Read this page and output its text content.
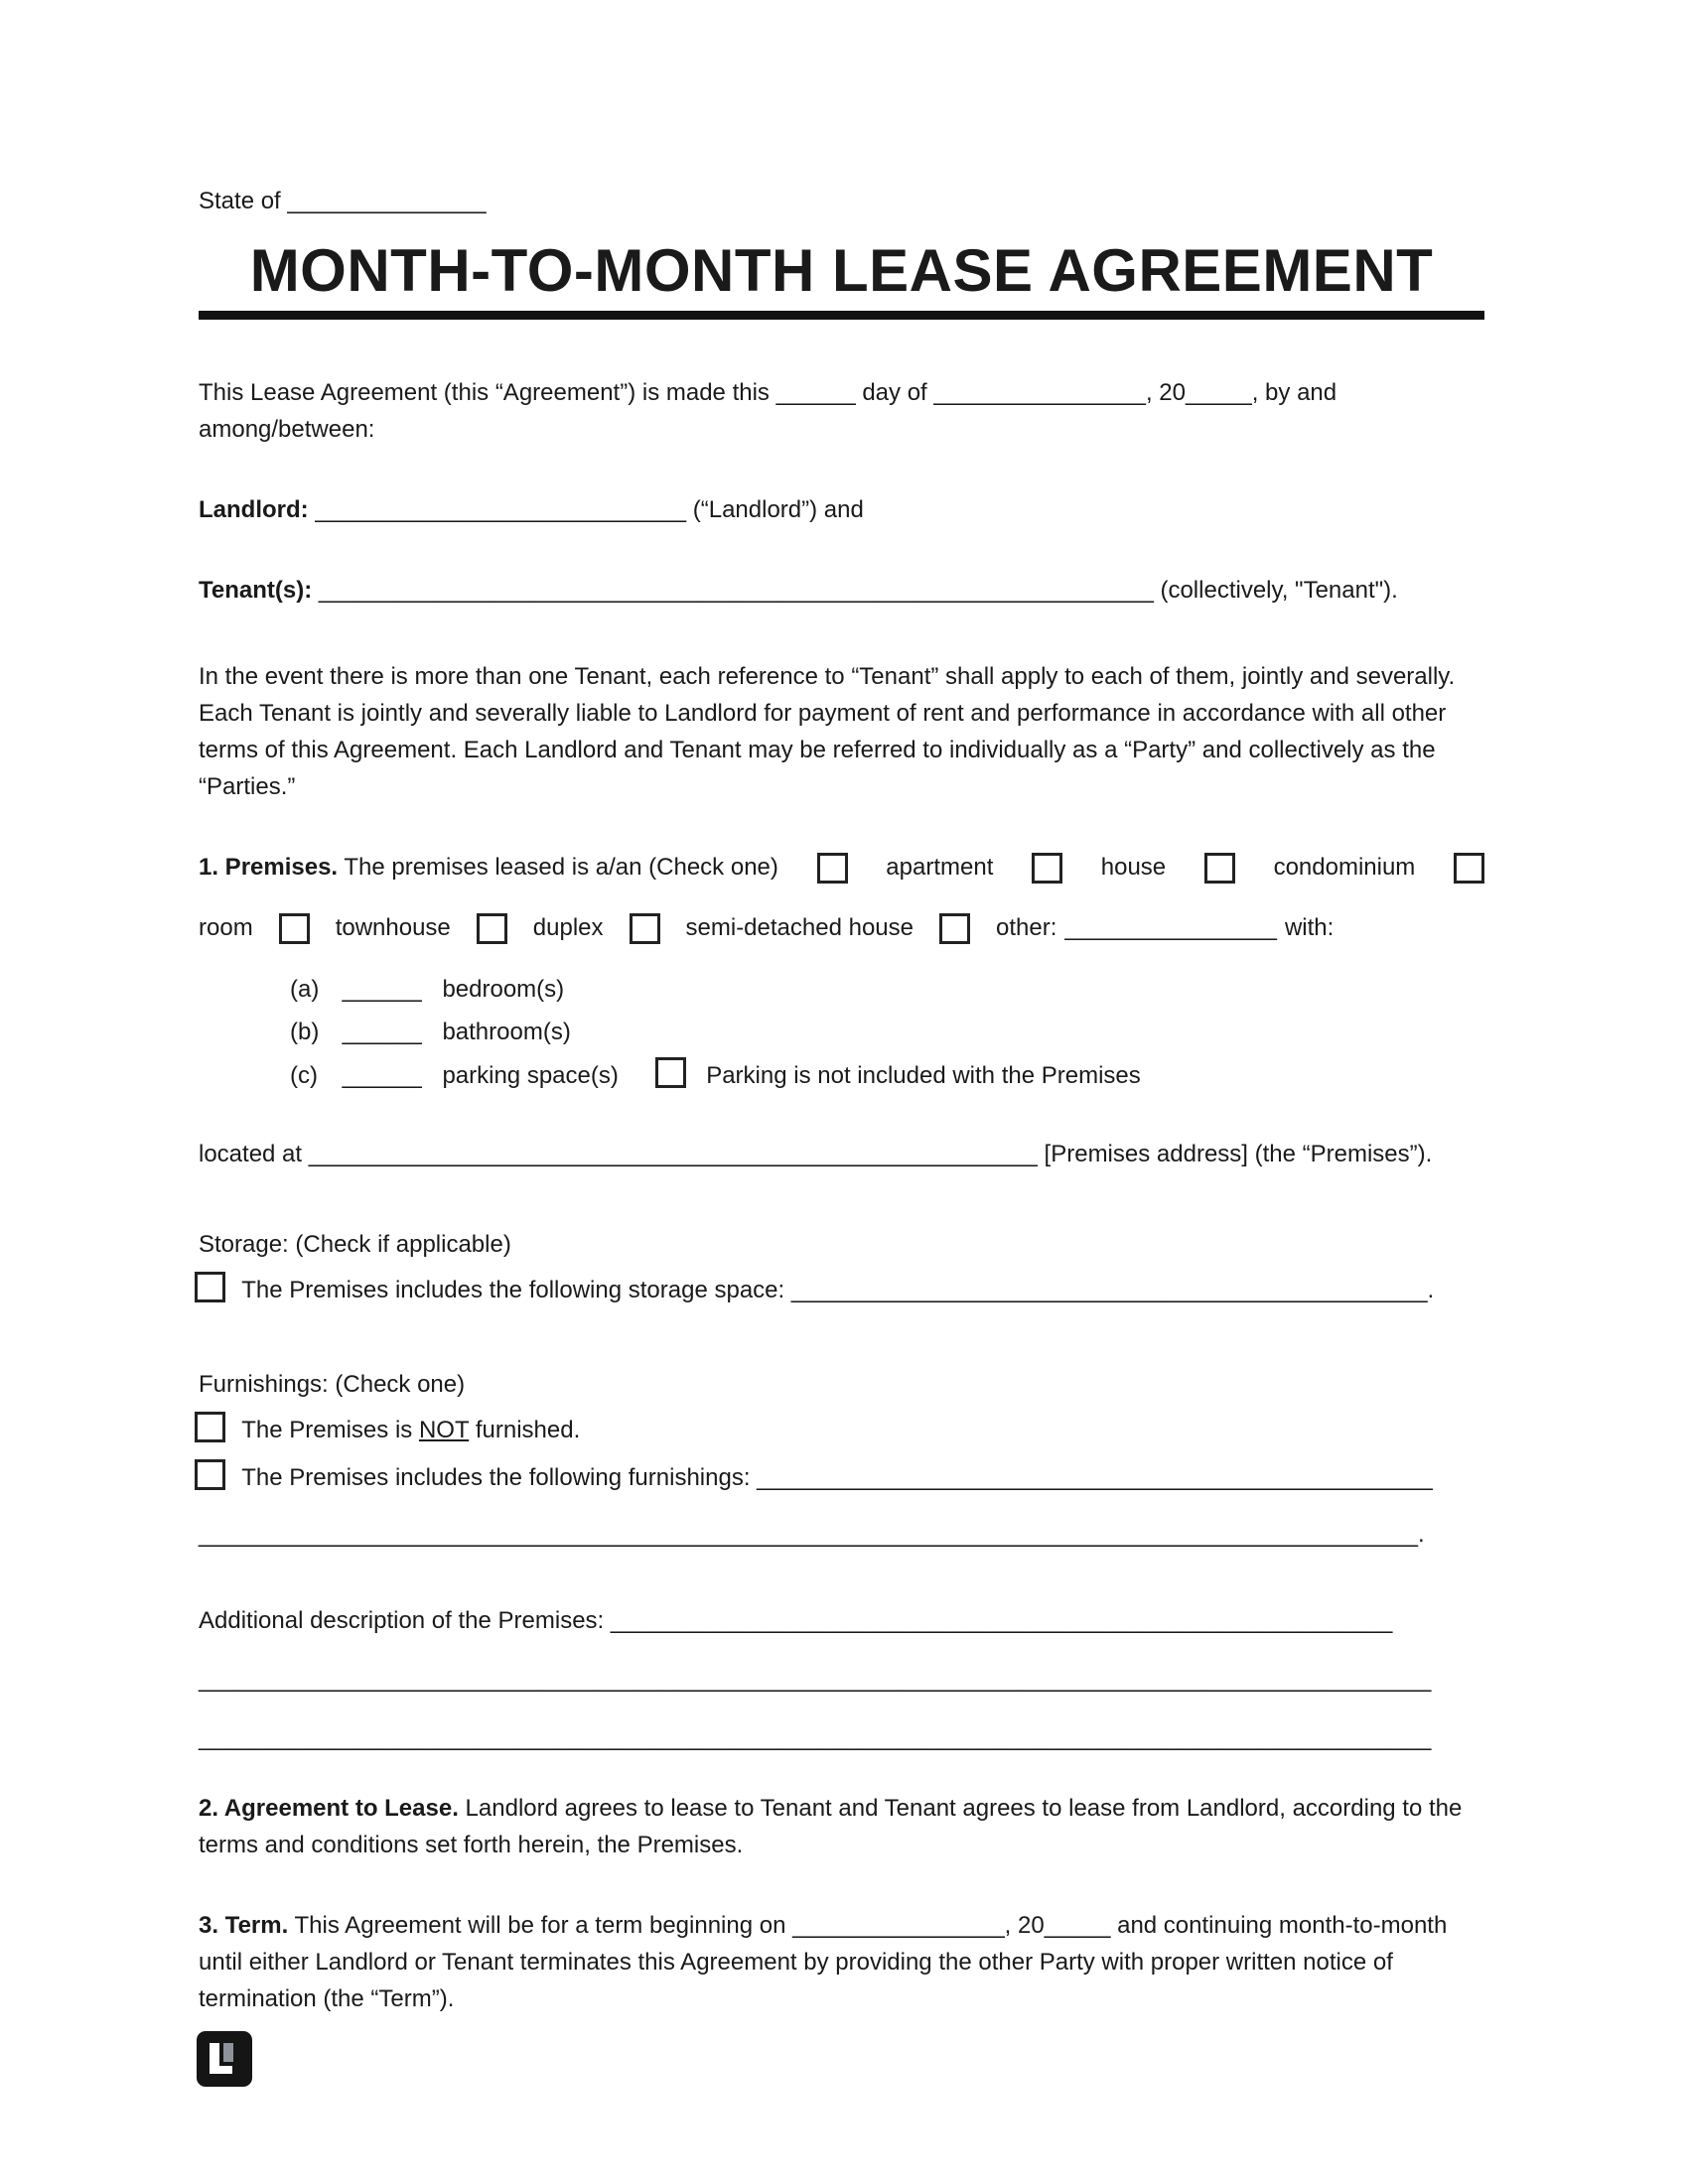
State of _______________
MONTH-TO-MONTH LEASE AGREEMENT

This Lease Agreement (this “Agreement”) is made this ______ day of ________________, 20_____, by and among/between:

Landlord: ____________________________ (“Landlord”) and
Tenant(s): _______________________________________________________________ (collectively, "Tenant").

In the event there is more than one Tenant, each reference to “Tenant” shall apply to each of them, jointly and severally. Each Tenant is jointly and severally liable to Landlord for payment of rent and performance in accordance with all other terms of this Agreement. Each Landlord and Tenant may be referred to individually as a “Party” and collectively as the “Parties.”

1. Premises. The premises leased is a/an (Check one)	apartment	house	condominium
room	townhouse	duplex	semi-detached house	other: ________________ with:
(a) ______ bedroom(s)
(b) ______ bathroom(s)
(c) ______ parking space(s)	Parking is not included with the Premises
located at _______________________________________________________ [Premises address] (the “Premises”).
Storage: (Check if applicable)
The Premises includes the following storage space: ________________________________________________.
Furnishings: (Check one)
The Premises is NOT furnished.
The Premises includes the following furnishings: ___________________________________________________
____________________________________________________________________________________________.
Additional description of the Premises: ___________________________________________________________
_____________________________________________________________________________________________
_____________________________________________________________________________________________

2. Agreement to Lease. Landlord agrees to lease to Tenant and Tenant agrees to lease from Landlord, according to the terms and conditions set forth herein, the Premises.

3. Term. This Agreement will be for a term beginning on ________________, 20_____ and continuing month-to-month until either Landlord or Tenant terminates this Agreement by providing the other Party with proper written notice of termination (the “Term”).
